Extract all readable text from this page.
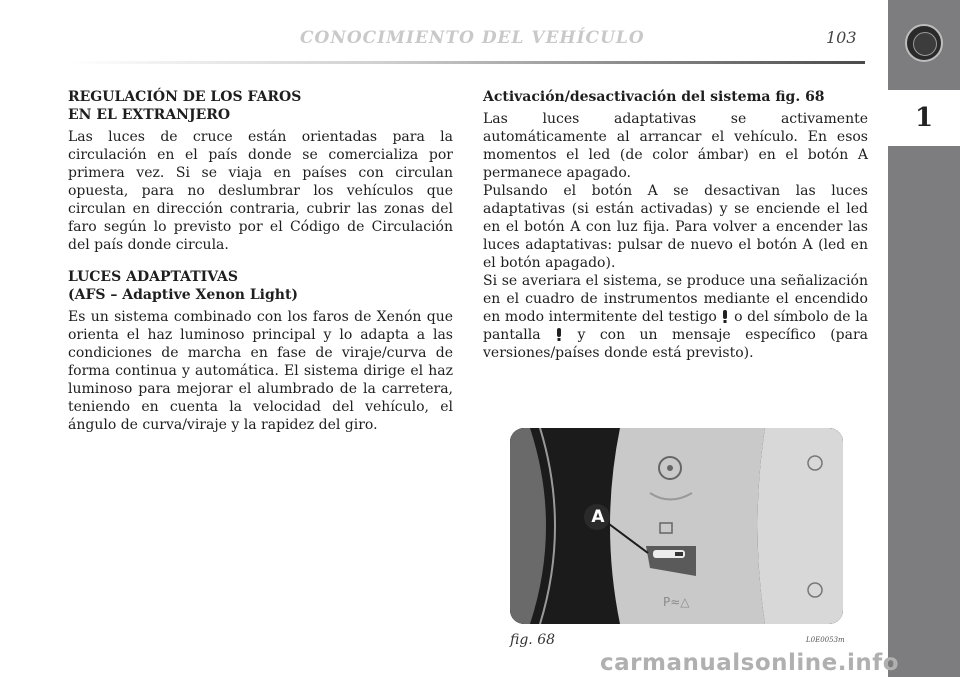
CONOCIMIENTO DEL VEHÍCULO	103
1
REGULACIÓN DE LOS FAROS
EN EL EXTRANJERO

Las luces de cruce están orientadas para la circulación en el país donde se comercializa por primera vez. Si se viaja en países con circulan opuesta, para no deslumbrar los vehículos que circulan en dirección contraria, cubrir las zonas del faro según lo previsto por el Código de Circulación del país donde circula.

LUCES ADAPTATIVAS
(AFS – Adaptive Xenon Light)

Es un sistema combinado con los faros de Xenón que orienta el haz luminoso principal y lo adapta a las condiciones de marcha en fase de viraje/curva de forma continua y automática. El sistema dirige el haz luminoso para mejorar el alumbrado de la carretera, teniendo en cuenta la velocidad del vehículo, el ángulo de curva/viraje y la rapidez del giro.

Activación/desactivación del sistema fig. 68
Las luces adaptativas se activamente automáticamente al arrancar el vehículo. En esos momentos el led (de color ámbar) en el botón A permanece apagado.
Pulsando el botón A se desactivan las luces adaptativas (si están activadas) y se enciende el led en el botón A con luz fija. Para volver a encender las luces adaptativas: pulsar de nuevo el botón A (led en el botón apagado).
Si se averiara el sistema, se produce una señalización en el cuadro de instrumentos mediante el encendido en modo intermitente del testigo o del símbolo de la pantalla	y con un mensaje específico (para versiones/países donde está previsto).
P≈△
A
fig. 68	L0E0053m
carmanualsonline.info
